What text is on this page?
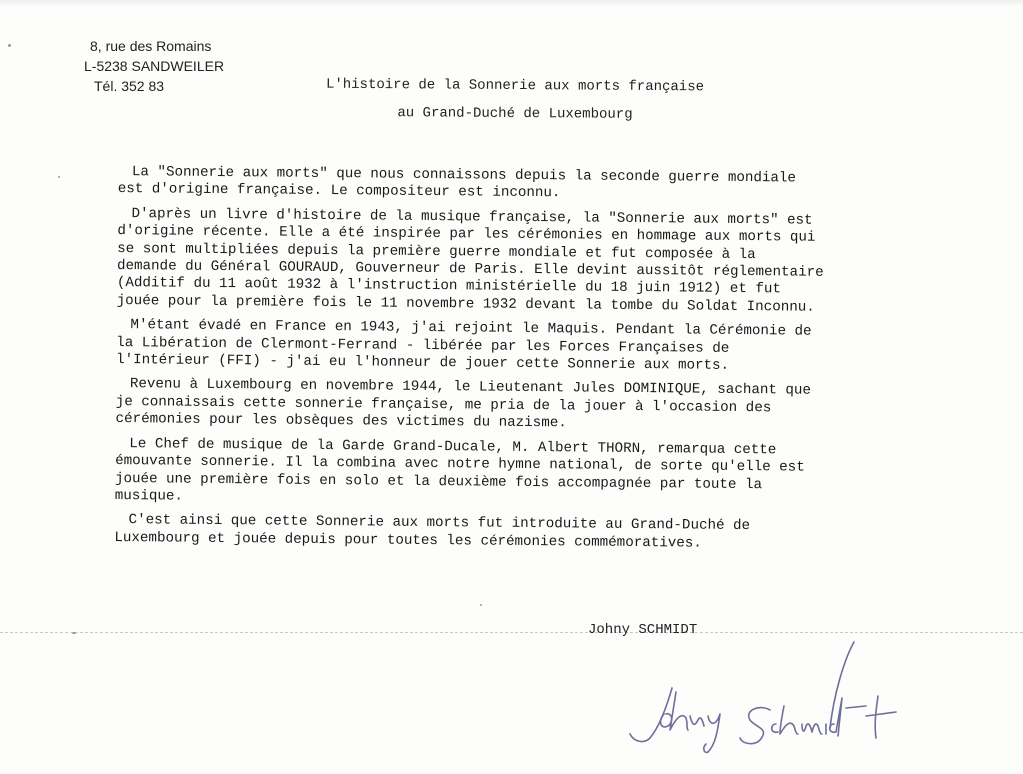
8, rue des Romains
L-5238 SANDWEILER
Tél. 352 83	L'histoire de la Sonnerie aux morts française
au Grand-Duché de Luxembourg
La "Sonnerie aux morts" que nous connaissons depuis la seconde guerre mondiale
est d'origine française. Le compositeur est inconnu.
D'après un livre d'histoire de la musique française, la "Sonnerie aux morts" est
d'origine récente. Elle a été inspirée par les cérémonies en hommage aux morts qui
se sont multipliées depuis la première guerre mondiale et fut composée à la
demande du Général GOURAUD, Gouverneur de Paris. Elle devint aussitôt réglementaire
(Additif du 11 août 1932 à l'instruction ministérielle du 18 juin 1912) et fut
jouée pour la première fois le 11 novembre 1932 devant la tombe du Soldat Inconnu.
M'étant évadé en France en 1943, j'ai rejoint le Maquis. Pendant la Cérémonie de
la Libération de Clermont-Ferrand - libérée par les Forces Françaises de
l'Intérieur (FFI) - j'ai eu l'honneur de jouer cette Sonnerie aux morts.
Revenu à Luxembourg en novembre 1944, le Lieutenant Jules DOMINIQUE, sachant que
je connaissais cette sonnerie française, me pria de la jouer à l'occasion des
cérémonies pour les obsèques des victimes du nazisme.
Le Chef de musique de la Garde Grand-Ducale, M. Albert THORN, remarqua cette
émouvante sonnerie. Il la combina avec notre hymne national, de sorte qu'elle est
jouée une première fois en solo et la deuxième fois accompagnée par toute la
musique.
C'est ainsi que cette Sonnerie aux morts fut introduite au Grand-Duché de
Luxembourg et jouée depuis pour toutes les cérémonies commémoratives.
Johny SCHMIDT
